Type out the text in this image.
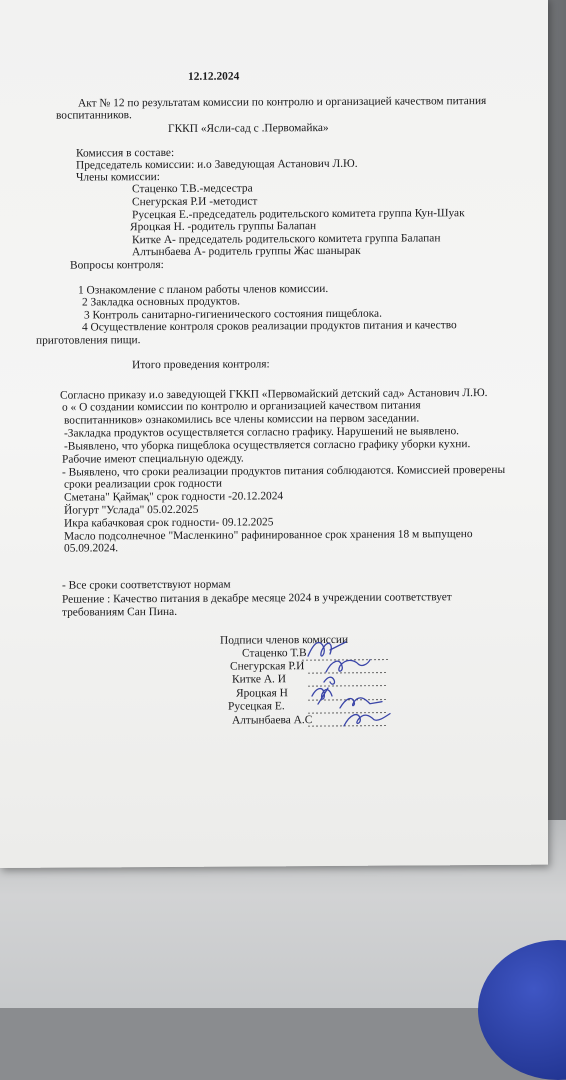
12.12.2024
Акт № 12 по результатам комиссии по контролю и организацией качеством питания
воспитанников.
ГККП «Ясли-сад с .Первомайка»
Комиссия в составе:
Председатель комиссии: и.о Заведующая Астанович Л.Ю.
Члены комиссии:
Стаценко Т.В.-медсестра
Снегурская Р.И -методист
Русецкая Е.-председатель родительского комитета группа Кун-Шуак
Яроцкая Н. -родитель группы Балапан
Китке А- председатель родительского комитета группа Балапан
Алтынбаева А- родитель группы Жас шанырак
Вопросы контроля:
1 Ознакомление с планом работы членов комиссии.
2 Закладка основных продуктов.
3 Контроль санитарно-гигиенического состояния пищеблока.
4 Осуществление контроля сроков реализации продуктов питания и качество
приготовления пищи.
Итого проведения контроля:
Согласно приказу и.о заведующей ГККП «Первомайский детский сад» Астанович Л.Ю.
о « О создании комиссии по контролю и организацией качеством питания
воспитанников» ознакомились все члены комиссии на первом заседании.
-Закладка продуктов осуществляется согласно графику. Нарушений не выявлено.
-Выявлено, что уборка пищеблока осуществляется согласно графику уборки кухни.
Рабочие имеют специальную одежду.
- Выявлено, что сроки реализации продуктов питания соблюдаются. Комиссией проверены
сроки реализации срок годности
Сметана" Қаймақ" срок годности -20.12.2024
Йогурт "Услада" 05.02.2025
Икра кабачковая срок годности- 09.12.2025
Масло подсолнечное "Масленкино" рафинированное срок хранения 18 м выпущено
05.09.2024.
- Все сроки соответствуют нормам
Решение : Качество питания в декабре месяце 2024 в учреждении соответствует
требованиям Сан Пина.
Подписи членов комиссии
Стаценко Т.В
Снегурская Р.И
Китке А. И
Яроцкая Н
Русецкая Е.
Алтынбаева А.С
